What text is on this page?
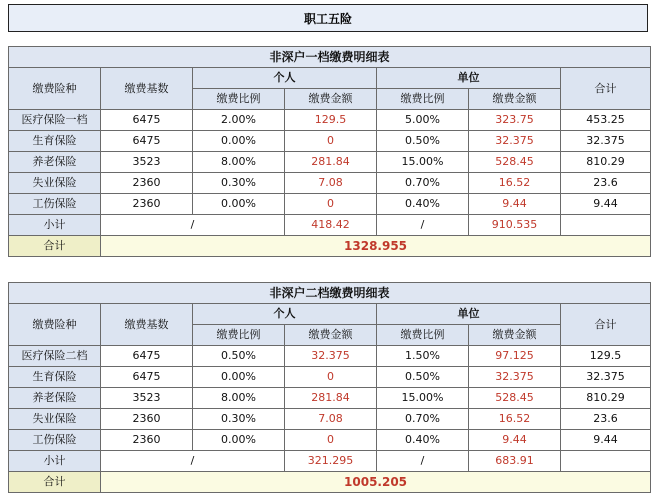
职工五险
非深户一档缴费明细表						
缴费险种	缴费基数	个人		单位		合计
		缴费比例	缴费金额	缴费比例	缴费金额	
医疗保险一档	6475	2.00%	129.5	5.00%	323.75	453.25
生育保险	6475	0.00%	0	0.50%	32.375	32.375
养老保险	3523	8.00%	281.84	15.00%	528.45	810.29
失业保险	2360	0.30%	7.08	0.70%	16.52	23.6
工伤保险	2360	0.00%	0	0.40%	9.44	9.44
小计	/		418.42	/	910.535	
合计	1328.955					
非深户二档缴费明细表						
缴费险种	缴费基数	个人		单位		合计
		缴费比例	缴费金额	缴费比例	缴费金额	
医疗保险二档	6475	0.50%	32.375	1.50%	97.125	129.5
生育保险	6475	0.00%	0	0.50%	32.375	32.375
养老保险	3523	8.00%	281.84	15.00%	528.45	810.29
失业保险	2360	0.30%	7.08	0.70%	16.52	23.6
工伤保险	2360	0.00%	0	0.40%	9.44	9.44
小计	/		321.295	/	683.91	
合计	1005.205					
